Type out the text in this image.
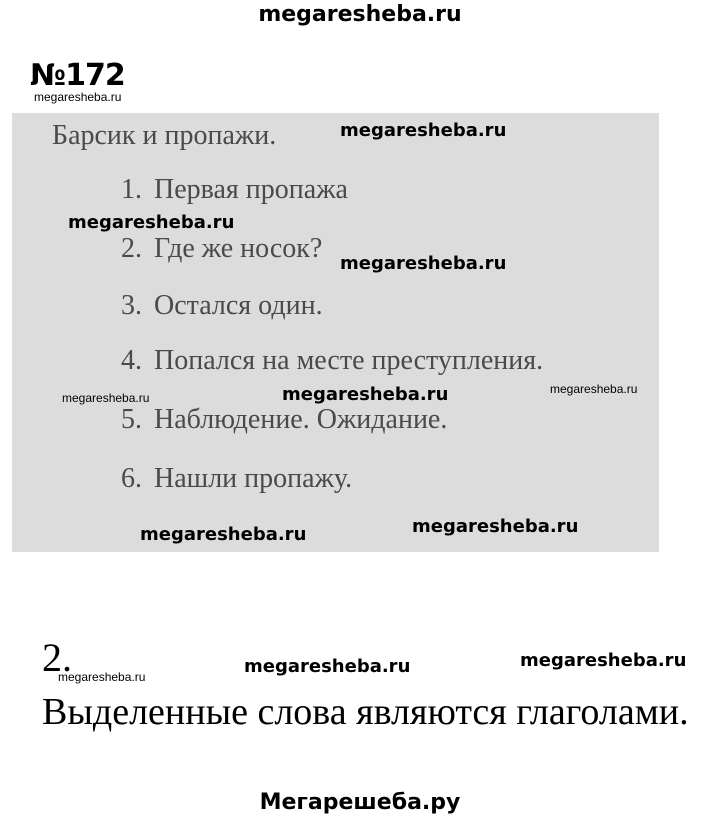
megaresheba.ru
№172
megaresheba.ru
Барсик и пропажи.
1. Первая пропажа
2. Где же носок?
3. Остался один.
4. Попался на месте преступления.
5. Наблюдение. Ожидание.
6. Нашли пропажу.
megaresheba.ru
megaresheba.ru
megaresheba.ru
megaresheba.ru	megaresheba.ru	megaresheba.ru
megaresheba.ru	megaresheba.ru
2.
megaresheba.ru	megaresheba.ru	megaresheba.ru
Выделенные слова являются глаголами.
Мегарешеба.ру
